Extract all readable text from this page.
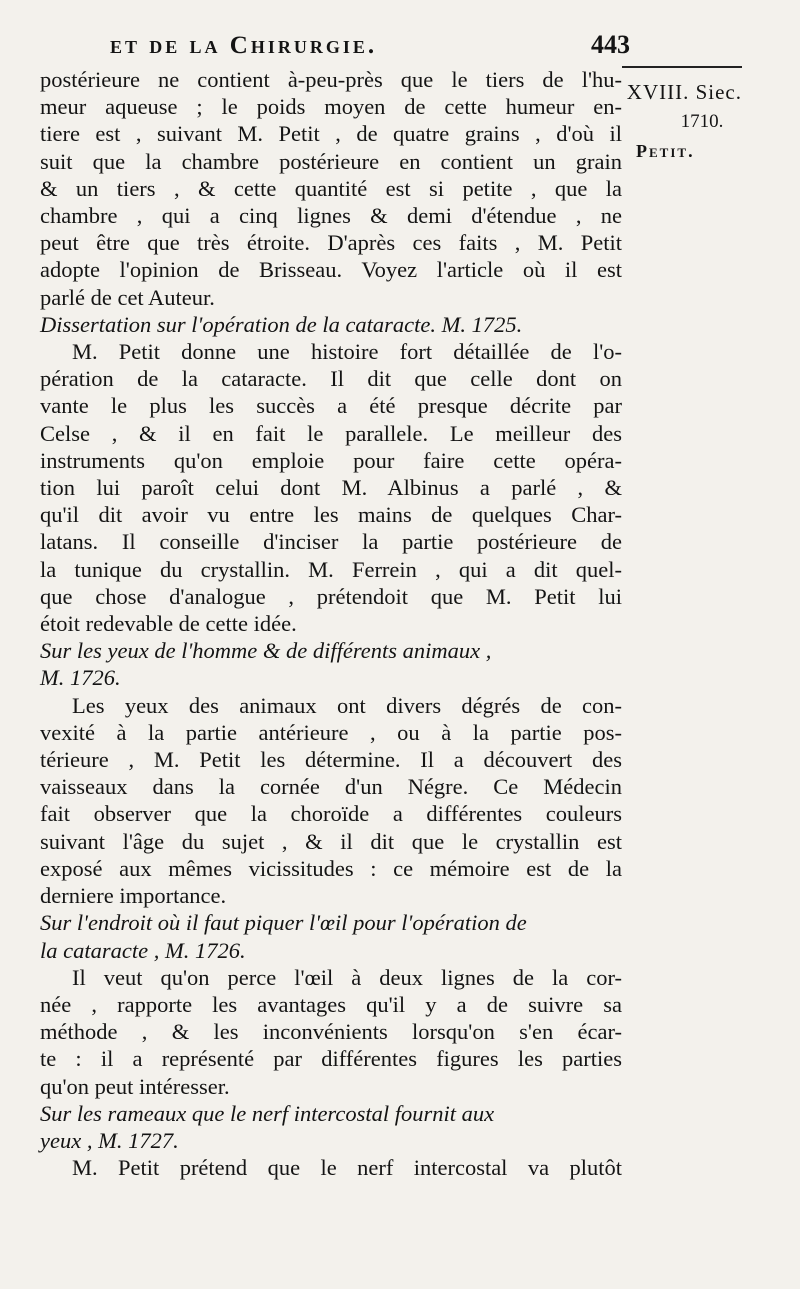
et de la Chirurgie.	443
XVIII. Siec.
1710.
Petit.
postérieure ne contient à-peu-près que le tiers de l'hu-
meur aqueuse ; le poids moyen de cette humeur en-
tiere est , suivant M. Petit , de quatre grains , d'où il
suit que la chambre postérieure en contient un grain
& un tiers , & cette quantité est si petite , que la
chambre , qui a cinq lignes & demi d'étendue , ne
peut être que très étroite. D'après ces faits , M. Petit
adopte l'opinion de Brisseau. Voyez l'article où il est
parlé de cet Auteur.
Dissertation sur l'opération de la cataracte. M. 1725.
M. Petit donne une histoire fort détaillée de l'o-
pération de la cataracte. Il dit que celle dont on
vante le plus les succès a été presque décrite par
Celse , & il en fait le parallele. Le meilleur des
instruments qu'on emploie pour faire cette opéra-
tion lui paroît celui dont M. Albinus a parlé , &
qu'il dit avoir vu entre les mains de quelques Char-
latans. Il conseille d'inciser la partie postérieure de
la tunique du crystallin. M. Ferrein , qui a dit quel-
que chose d'analogue , prétendoit que M. Petit lui
étoit redevable de cette idée.
Sur les yeux de l'homme & de différents animaux ,
M. 1726.
Les yeux des animaux ont divers dégrés de con-
vexité à la partie antérieure , ou à la partie pos-
térieure , M. Petit les détermine. Il a découvert des
vaisseaux dans la cornée d'un Négre. Ce Médecin
fait observer que la choroïde a différentes couleurs
suivant l'âge du sujet , & il dit que le crystallin est
exposé aux mêmes vicissitudes : ce mémoire est de la
derniere importance.
Sur l'endroit où il faut piquer l'œil pour l'opération de
la cataracte , M. 1726.
Il veut qu'on perce l'œil à deux lignes de la cor-
née , rapporte les avantages qu'il y a de suivre sa
méthode , & les inconvénients lorsqu'on s'en écar-
te : il a représenté par différentes figures les parties
qu'on peut intéresser.
Sur les rameaux que le nerf intercostal fournit aux
yeux , M. 1727.
M. Petit prétend que le nerf intercostal va plutôt
